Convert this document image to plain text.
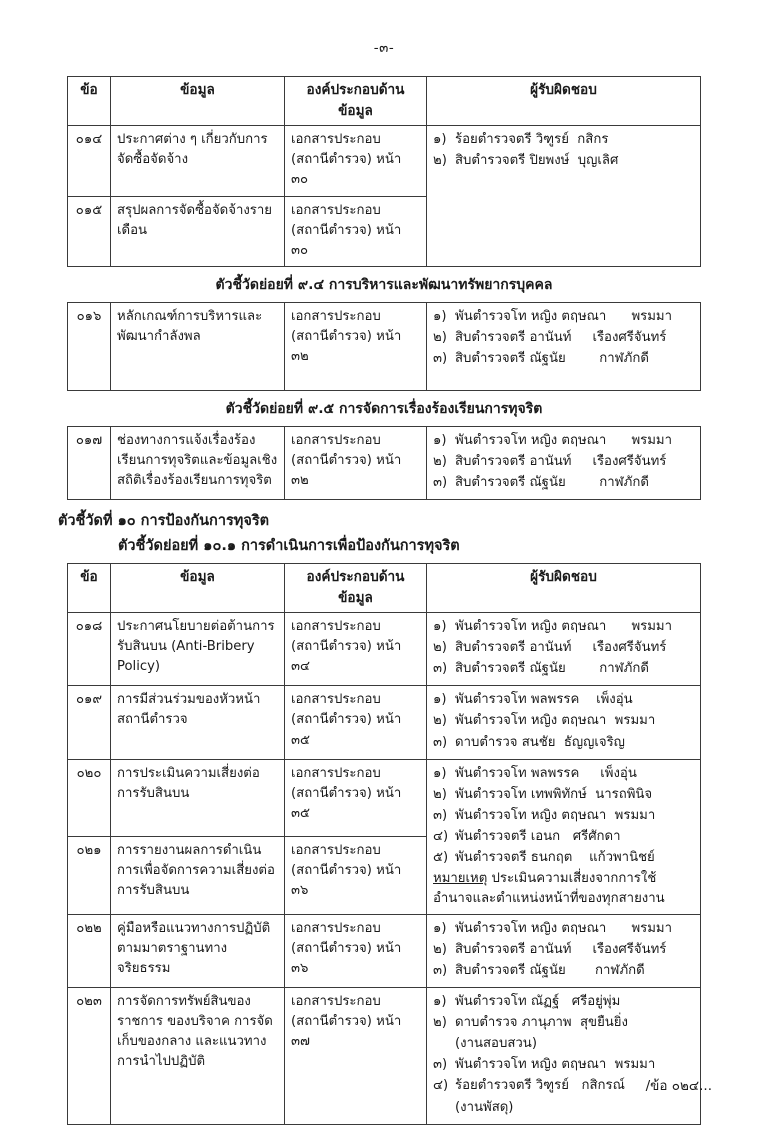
-๓-
ข้อ	ข้อมูล	องค์ประกอบด้านข้อมูล	ผู้รับผิดชอบ
๐๑๔	ประกาศต่าง ๆ เกี่ยวกับการจัดซื้อจัดจ้าง	เอกสารประกอบ (สถานีตำรวจ) หน้า ๓๐	
๑) ร้อยตำรวจตรี วิฑูรย์  กสิกร
๒) สิบตำรวจตรี ปิยพงษ์  บุญเลิศ

๐๑๕	สรุปผลการจัดซื้อจัดจ้างรายเดือน	เอกสารประกอบ (สถานีตำรวจ) หน้า ๓๐	
ตัวชี้วัดย่อยที่ ๙.๔ การบริหารและพัฒนาทรัพยากรบุคคล
๐๑๖	หลักเกณฑ์การบริหารและพัฒนากำลังพล	เอกสารประกอบ (สถานีตำรวจ) หน้า ๓๒	
๑) พันตำรวจโท หญิง ตฤษณา      พรมมา
๒) สิบตำรวจตรี อานันท์     เรืองศรีจันทร์
๓) สิบตำรวจตรี ณัฐนัย        กาฬภักดี
ตัวชี้วัดย่อยที่ ๙.๕ การจัดการเรื่องร้องเรียนการทุจริต
๐๑๗	ช่องทางการแจ้งเรื่องร้องเรียนการทุจริตและข้อมูลเชิงสถิติเรื่องร้องเรียนการทุจริต	เอกสารประกอบ (สถานีตำรวจ) หน้า ๓๒	
๑) พันตำรวจโท หญิง ตฤษณา      พรมมา
๒) สิบตำรวจตรี อานันท์     เรืองศรีจันทร์
๓) สิบตำรวจตรี ณัฐนัย        กาฬภักดี
ตัวชี้วัดที่ ๑๐ การป้องกันการทุจริต
ตัวชี้วัดย่อยที่ ๑๐.๑ การดำเนินการเพื่อป้องกันการทุจริต
ข้อ	ข้อมูล	องค์ประกอบด้านข้อมูล	ผู้รับผิดชอบ
๐๑๘	ประกาศนโยบายต่อต้านการรับสินบน (Anti-Bribery Policy)	เอกสารประกอบ (สถานีตำรวจ) หน้า ๓๔	
๑) พันตำรวจโท หญิง ตฤษณา      พรมมา
๒) สิบตำรวจตรี อานันท์     เรืองศรีจันทร์
๓) สิบตำรวจตรี ณัฐนัย        กาฬภักดี

๐๑๙	การมีส่วนร่วมของหัวหน้าสถานีตำรวจ	เอกสารประกอบ (สถานีตำรวจ) หน้า ๓๕	
๑) พันตำรวจโท พลพรรค    เพ็งอุ่น
๒) พันตำรวจโท หญิง ตฤษณา  พรมมา
๓) ดาบตำรวจ สนชัย  ธัญญเจริญ

๐๒๐	การประเมินความเสี่ยงต่อการรับสินบน	เอกสารประกอบ (สถานีตำรวจ) หน้า ๓๕	
๑) พันตำรวจโท พลพรรค     เพ็งอุ่น
๒) พันตำรวจโท เทพพิทักษ์  นารถพินิจ
๓) พันตำรวจโท หญิง ตฤษณา  พรมมา
๔) พันตำรวจตรี เอนก   ศรีศักดา
๕) พันตำรวจตรี ธนกฤต    แก้วพานิชย์
หมายเหตุ ประเมินความเสี่ยงจากการใช้อำนาจและตำแหน่งหน้าที่ของทุกสายงาน

๐๒๑	การรายงานผลการดำเนินการเพื่อจัดการความเสี่ยงต่อการรับสินบน	เอกสารประกอบ (สถานีตำรวจ) หน้า ๓๖	
๐๒๒	คู่มือหรือแนวทางการปฏิบัติตามมาตราฐานทางจริยธรรม	เอกสารประกอบ (สถานีตำรวจ) หน้า ๓๖	
๑) พันตำรวจโท หญิง ตฤษณา      พรมมา
๒) สิบตำรวจตรี อานันท์     เรืองศรีจันทร์
๓) สิบตำรวจตรี ณัฐนัย       กาฬภักดี

๐๒๓	การจัดการทรัพย์สินของราชการ ของบริจาค การจัดเก็บของกลาง และแนวทางการนำไปปฏิบัติ	เอกสารประกอบ (สถานีตำรวจ) หน้า ๓๗	
๑) พันตำรวจโท ณัฏฐ์   ศรีอยู่พุ่ม
๒) ดาบตำรวจ ภานุภาพ  สุขยืนยิ่ง
(งานสอบสวน)
๓) พันตำรวจโท หญิง ตฤษณา  พรมมา
๔) ร้อยตำรวจตรี วิฑูรย์   กสิกรณ์
(งานพัสดุ)
/ข้อ ๐๒๔...
